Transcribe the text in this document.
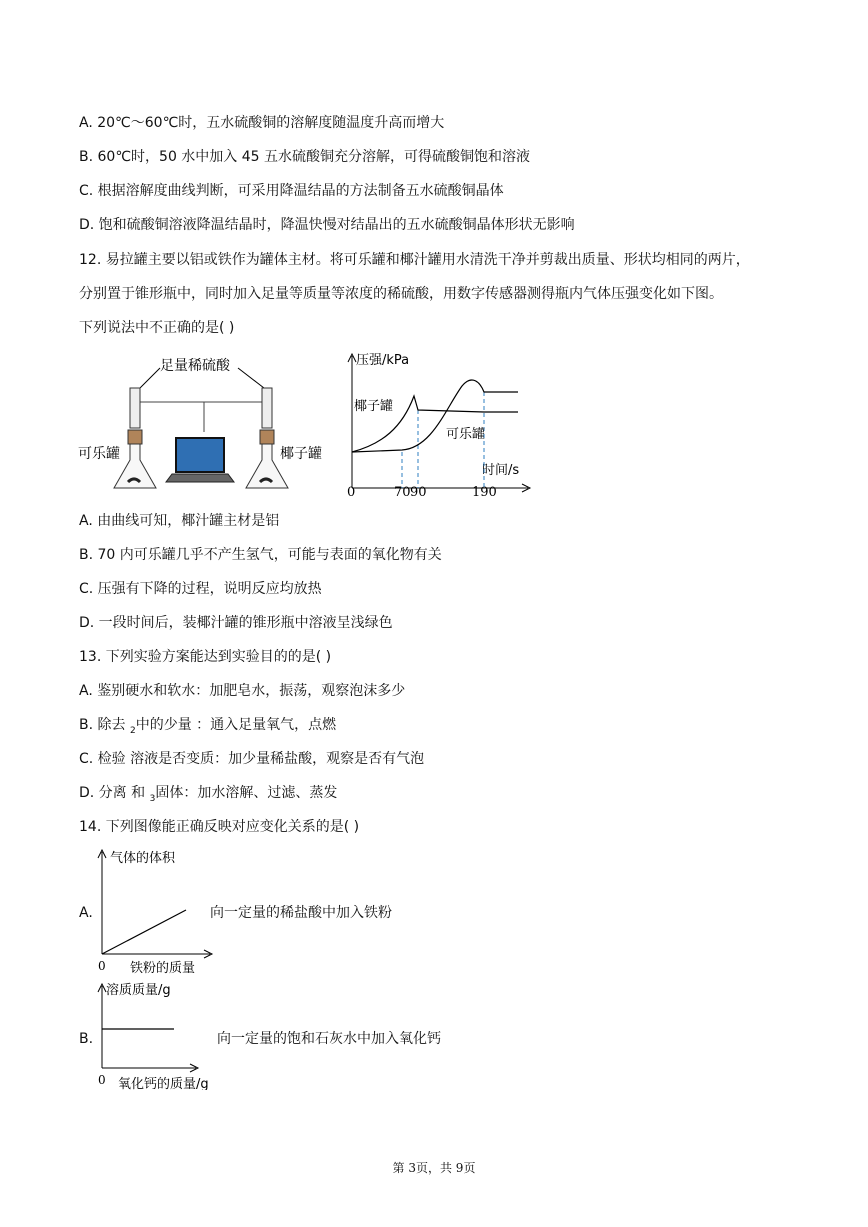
A. 20℃～60℃时，五水硫酸铜的溶解度随温度升高而增大
B. 60℃时，50 水中加入 45 五水硫酸铜充分溶解，可得硫酸铜饱和溶液
C. 根据溶解度曲线判断，可采用降温结晶的方法制备五水硫酸铜晶体
D. 饱和硫酸铜溶液降温结晶时，降温快慢对结晶出的五水硫酸铜晶体形状无影响
12. 易拉罐主要以铝或铁作为罐体主材。将可乐罐和椰汁罐用水清洗干净并剪裁出质量、形状均相同的两片，
分别置于锥形瓶中，同时加入足量等质量等浓度的稀硫酸，用数字传感器测得瓶内气体压强变化如下图。
下列说法中不正确的是( )
足量稀硫酸
可乐罐	椰子罐
压强/kPa
时间/s
0	70 90	190
椰子罐
可乐罐
A. 由曲线可知，椰汁罐主材是铝
B. 70 内可乐罐几乎不产生氢气，可能与表面的氧化物有关
C. 压强有下降的过程，说明反应均放热
D. 一段时间后，装椰汁罐的锥形瓶中溶液呈浅绿色
13. 下列实验方案能达到实验目的的是( )
A. 鉴别硬水和软水：加肥皂水，振荡，观察泡沫多少
B. 除去 $_2$中的少量 ：通入足量氧气，点燃
C. 检验 溶液是否变质：加少量稀盐酸，观察是否有气泡
D. 分离 和 $_3$固体：加水溶解、过滤、蒸发
14. 下列图像能正确反映对应变化关系的是( )
A.
气体的体积
铁粉的质量
0
向一定量的稀盐酸中加入铁粉
B.
溶质质量/g
氧化钙的质量/g
0
向一定量的饱和石灰水中加入氧化钙
第 3页，共 9页
